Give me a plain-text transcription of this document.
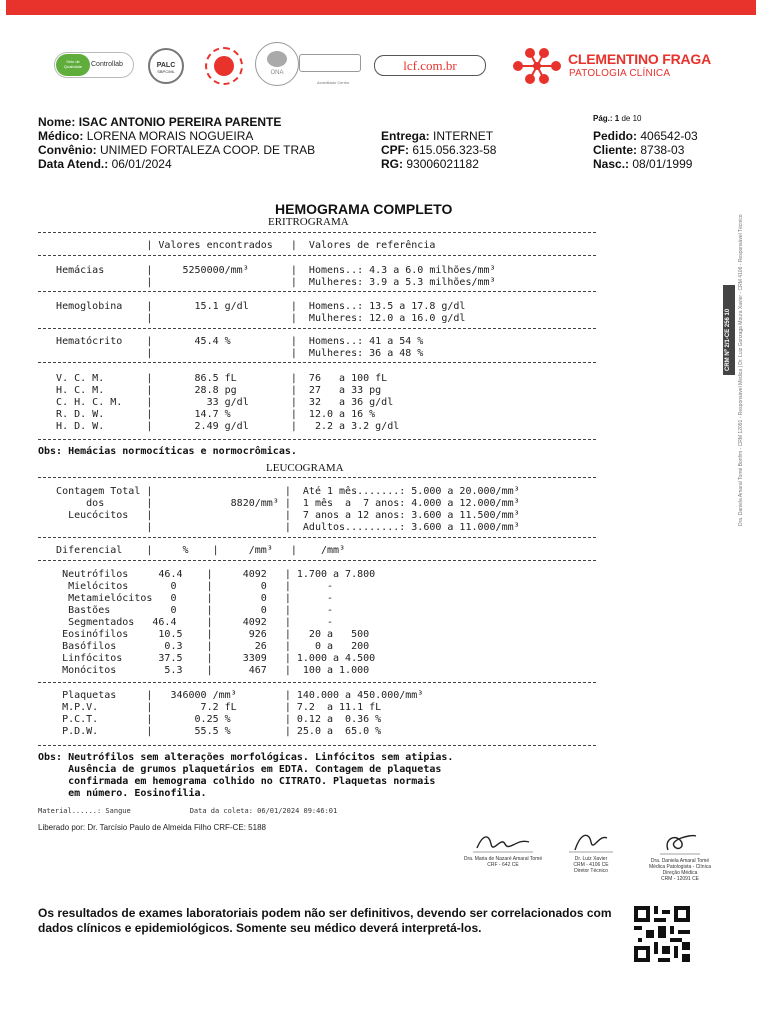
Selo de
Qualidade	Controllab	PALC
SBPC/ML	ONA
Acreditado Centro
lcf.com.br	CLEMENTINO FRAGA
PATOLOGIA CLÍNICA
Nome: ISAC ANTONIO PEREIRA PARENTE
Médico: LORENA MORAIS NOGUEIRA
Convênio: UNIMED FORTALEZA COOP. DE TRAB
Data Atend.: 06/01/2024
Entrega: INTERNET
CPF: 615.056.323-58
RG: 93006021182
Pág.: 1 de 10
Pedido: 406542-03
Cliente: 8738-03
Nasc.: 08/01/1999
HEMOGRAMA COMPLETO
ERITROGRAMA
| Valores encontrados   |  Valores de referência
Hemácias       |     5250000/mm³       |  Homens..: 4.3 a 6.0 milhões/mm³
|                       |  Mulheres: 3.9 a 5.3 milhões/mm³
Hemoglobina    |       15.1 g/dl       |  Homens..: 13.5 a 17.8 g/dl
|                       |  Mulheres: 12.0 a 16.0 g/dl
Hematócrito    |       45.4 %          |  Homens..: 41 a 54 %
|                       |  Mulheres: 36 a 48 %
V. C. M.       |       86.5 fL         |  76   a 100 fL
H. C. M.       |       28.8 pg         |  27   a 33 pg
C. H. C. M.    |         33 g/dl       |  32   a 36 g/dl
R. D. W.       |       14.7 %          |  12.0 a 16 %
H. D. W.       |       2.49 g/dl       |   2.2 a 3.2 g/dl
Obs: Hemácias normocíticas e normocrômicas.
LEUCOGRAMA
Contagem Total |                      |  Até 1 mês.......: 5.000 a 20.000/mm³
dos       |             8820/mm³ |  1 mês  a  7 anos: 4.000 a 12.000/mm³
Leucócitos   |                      |  7 anos a 12 anos: 3.600 a 11.500/mm³
|                      |  Adultos.........: 3.600 a 11.000/mm³
Diferencial    |     %    |     /mm³   |    /mm³
Neutrófilos     46.4    |     4092   | 1.700 a 7.800
Mielócitos       0     |        0   |      -
Metamielócitos   0     |        0   |      -
Bastões          0     |        0   |      -
Segmentados   46.4     |     4092   |      -
Eosinófilos     10.5    |      926   |   20 a   500
Basófilos        0.3    |       26   |    0 a   200
Linfócitos      37.5    |     3309   | 1.000 a 4.500
Monócitos        5.3    |      467   |  100 a 1.000
Plaquetas     |   346000 /mm³        | 140.000 a 450.000/mm³
M.P.V.        |        7.2 fL        | 7.2  a 11.1 fL
P.C.T.        |       0.25 %         | 0.12 a  0.36 %
P.D.W.        |       55.5 %         | 25.0 a  65.0 %
Obs: Neutrófilos sem alterações morfológicas. Linfócitos sem atipias.
Ausência de grumos plaquetários em EDTA. Contagem de plaquetas
confirmada em hemograma colhido no CITRATO. Plaquetas normais
em número. Eosinofilia.
Material......: Sangue              Data da coleta: 06/01/2024 09:46:01
Liberado por: Dr. Tarcísio Paulo de Almeida Filho CRF-CE: 5188
Dra. Maria de Nazaré Amaral Tomé
CRF - 642 CE
Dr. Luiz Xavier
CRM - 4106 CE
Diretor Técnico
Dra. Daniela Amaral Tomé
Médica Patologista - Clínica
Direção Médica
CRM - 12091 CE
Os resultados de exames laboratoriais podem não ser definitivos, devendo ser correlacionados com dados clínicos e epidemiológicos. Somente seu médico deverá interpretá-los.
Dra. Daniela Amaral Tomé Bonfim - CRM 12091 - Responsável Médica | Dr. Luiz Gonzaga Moura Xavier - CRM 4106 - Responsável Técnico
CRM Nº 2/1-CE 256 10
